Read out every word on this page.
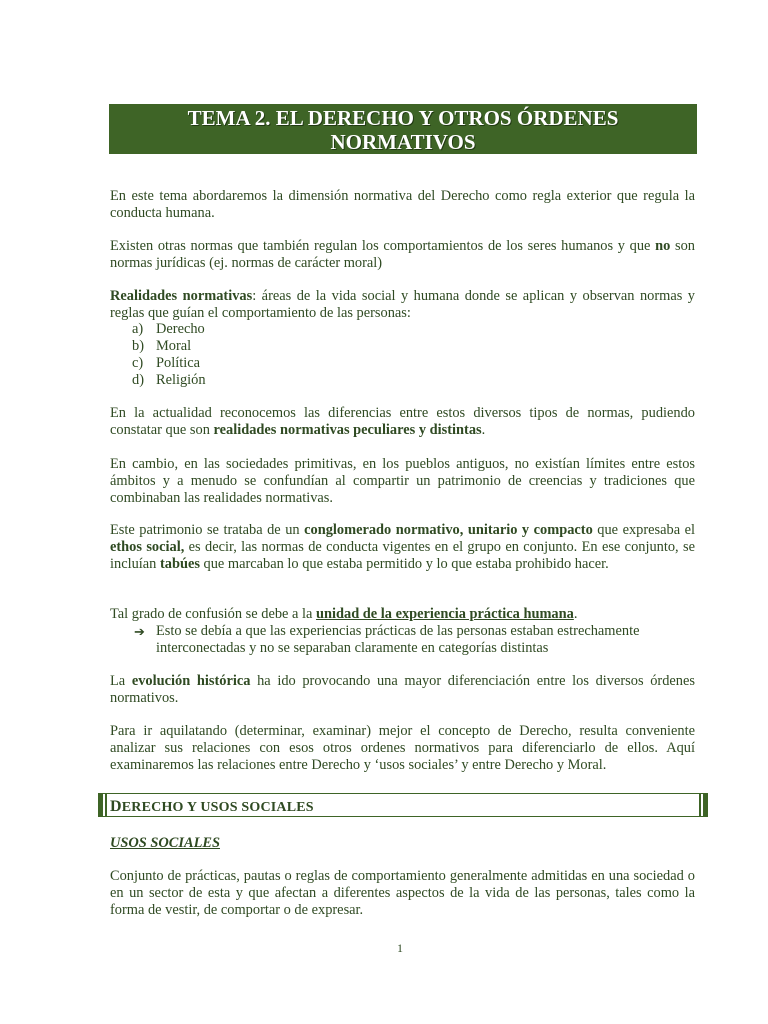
TEMA 2. EL DERECHO Y OTROS ÓRDENES
NORMATIVOS

En este tema abordaremos la dimensión normativa del Derecho como regla exterior que regula la conducta humana.

Existen otras normas que también regulan los comportamientos de los seres humanos y que no son normas jurídicas (ej. normas de carácter moral)

Realidades normativas: áreas de la vida social y humana donde se aplican y observan normas y reglas que guían el comportamiento de las personas:

a) Derecho
b) Moral
c) Política
d) Religión

En la actualidad reconocemos las diferencias entre estos diversos tipos de normas, pudiendo constatar que son realidades normativas peculiares y distintas.

En cambio, en las sociedades primitivas, en los pueblos antiguos, no existían límites entre estos ámbitos y a menudo se confundían al compartir un patrimonio de creencias y tradiciones que combinaban las realidades normativas.

Este patrimonio se trataba de un conglomerado normativo, unitario y compacto que expresaba el ethos social, es decir, las normas de conducta vigentes en el grupo en conjunto. En ese conjunto, se incluían tabúes que marcaban lo que estaba permitido y lo que estaba prohibido hacer.

Tal grado de confusión se debe a la unidad de la experiencia práctica humana.

➔ Esto se debía a que las experiencias prácticas de las personas estaban estrechamente interconectadas y no se separaban claramente en categorías distintas

La evolución histórica ha ido provocando una mayor diferenciación entre los diversos órdenes normativos.

Para ir aquilatando (determinar, examinar) mejor el concepto de Derecho, resulta conveniente analizar sus relaciones con esos otros ordenes normativos para diferenciarlo de ellos. Aquí examinaremos las relaciones entre Derecho y ‘usos sociales’ y entre Derecho y Moral.

DERECHO Y USOS SOCIALES
USOS SOCIALES

Conjunto de prácticas, pautas o reglas de comportamiento generalmente admitidas en una sociedad o en un sector de esta y que afectan a diferentes aspectos de la vida de las personas, tales como la forma de vestir, de comportar o de expresar.

1
